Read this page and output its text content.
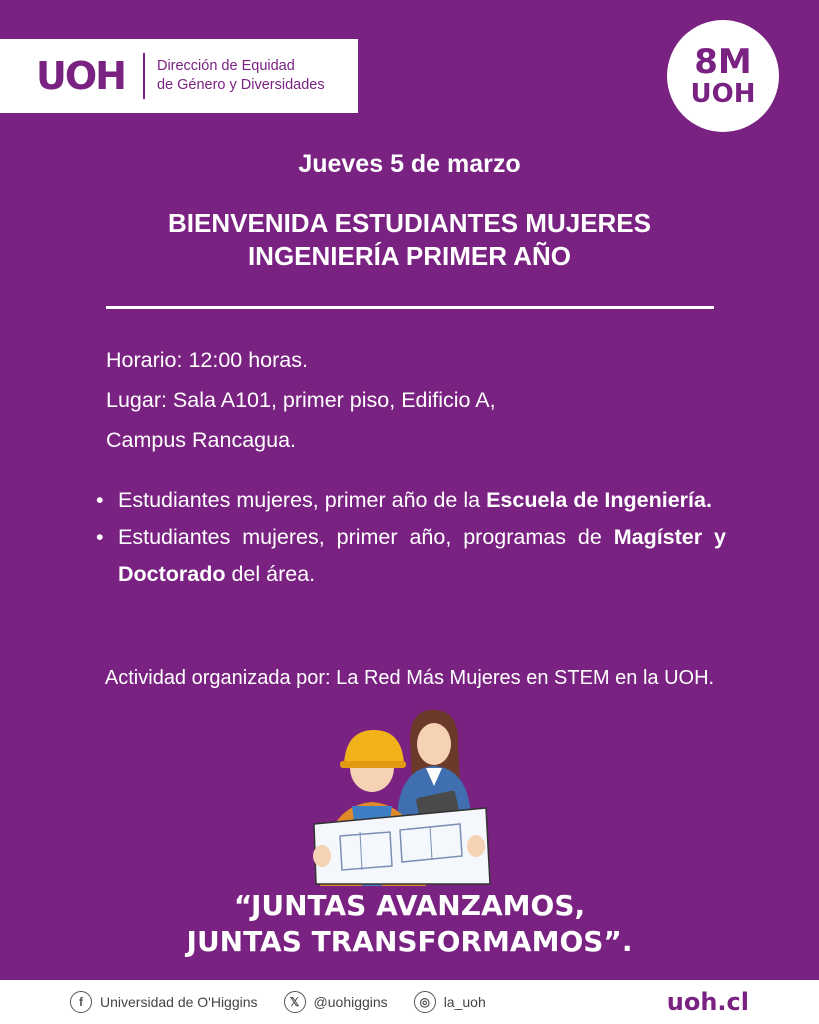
UOH Dirección de Equidad
de Género y Diversidades
8M
UOH
Jueves 5 de marzo
BIENVENIDA ESTUDIANTES MUJERES
INGENIERÍA PRIMER AÑO
Horario: 12:00 horas.
Lugar: Sala A101, primer piso, Edificio A,
Campus Rancagua.
• Estudiantes mujeres, primer año de la Escuela de Ingeniería.
• Estudiantes mujeres, primer año, programas de Magíster y Doctorado del área.
Actividad organizada por: La Red Más Mujeres en STEM en la UOH.
“JUNTAS AVANZAMOS,
JUNTAS TRANSFORMAMOS”.
f	Universidad de O'Higgins	𝕏	@uohiggins	◎ la_uoh	uoh.cl
